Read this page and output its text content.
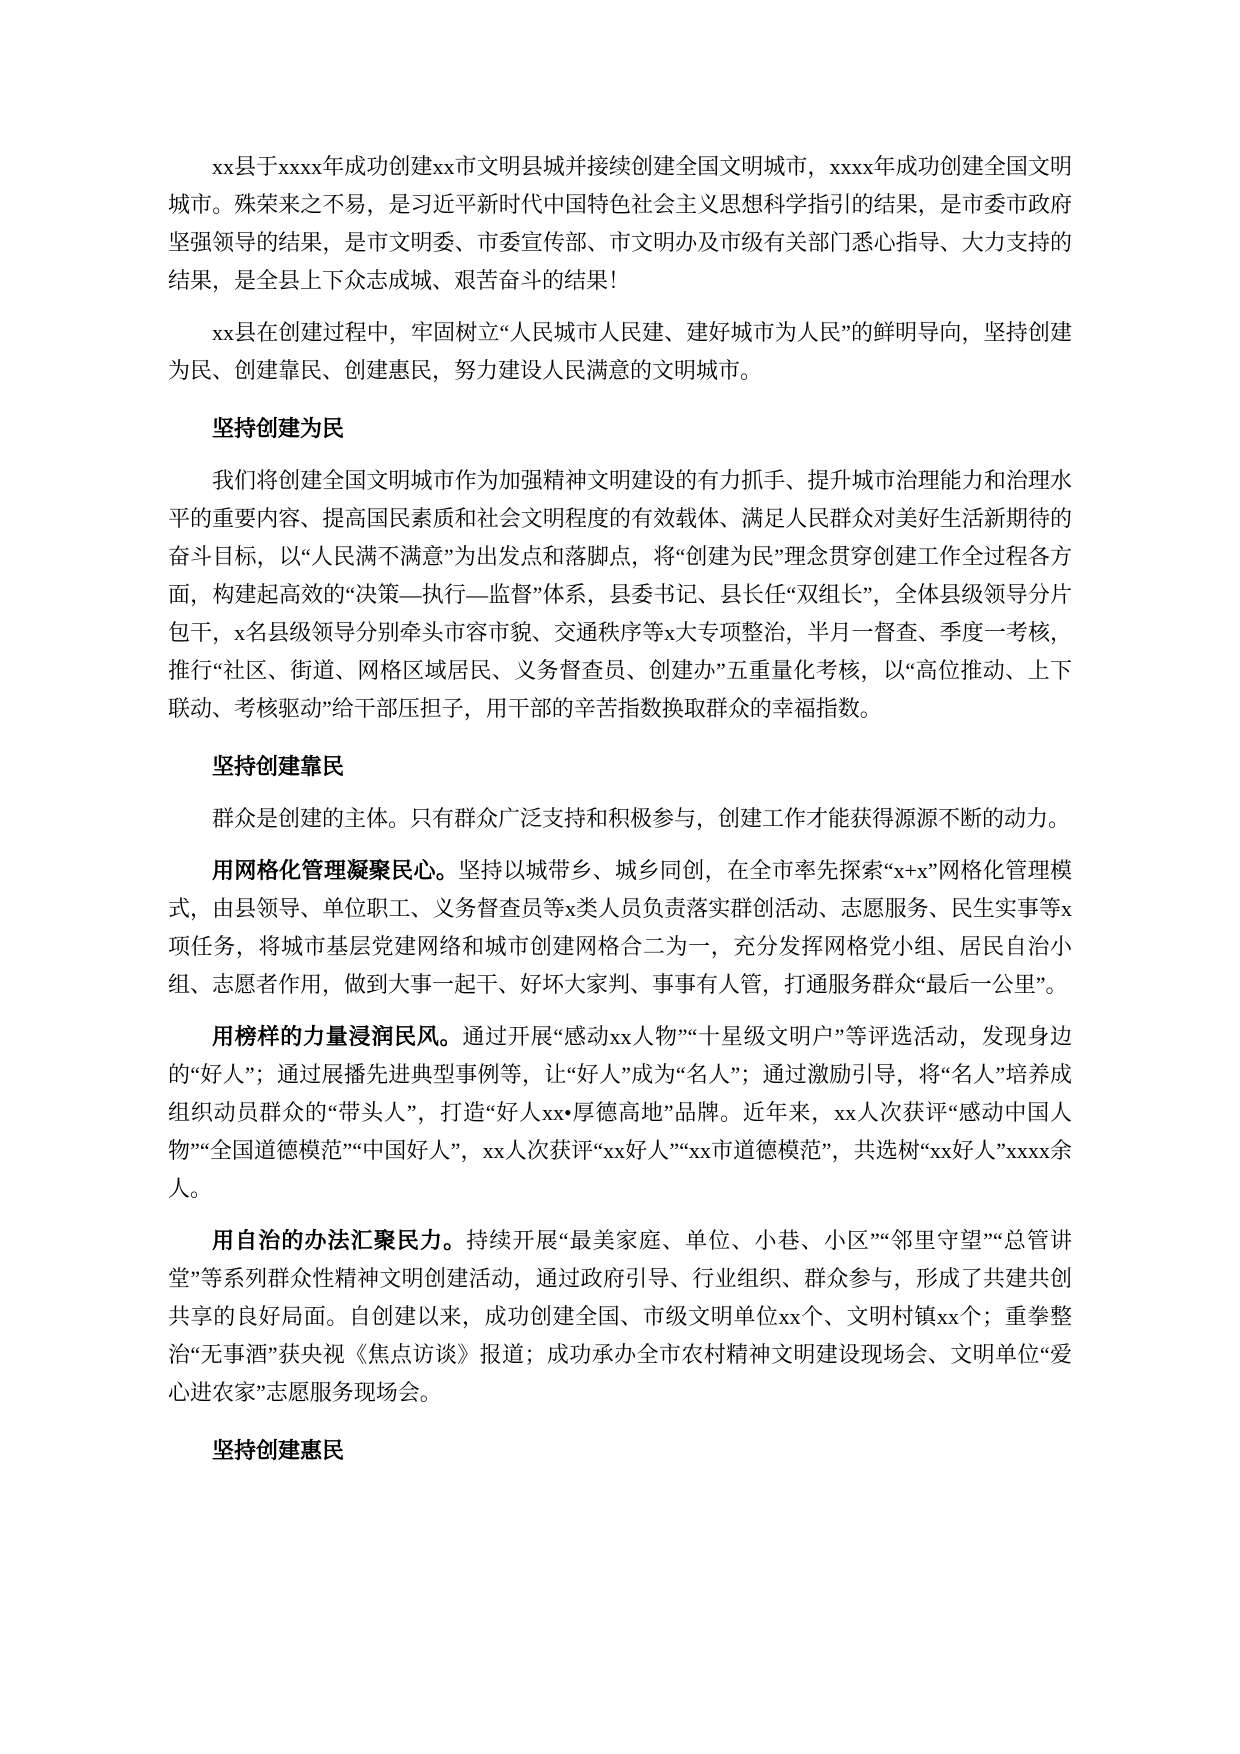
xx县于xxxx年成功创建xx市文明县城并接续创建全国文明城市，xxxx年成功创建全国文明城市。殊荣来之不易，是习近平新时代中国特色社会主义思想科学指引的结果，是市委市政府坚强领导的结果，是市文明委、市委宣传部、市文明办及市级有关部门悉心指导、大力支持的结果，是全县上下众志成城、艰苦奋斗的结果！

xx县在创建过程中，牢固树立“人民城市人民建、建好城市为人民”的鲜明导向，坚持创建为民、创建靠民、创建惠民，努力建设人民满意的文明城市。

坚持创建为民

我们将创建全国文明城市作为加强精神文明建设的有力抓手、提升城市治理能力和治理水平的重要内容、提高国民素质和社会文明程度的有效载体、满足人民群众对美好生活新期待的奋斗目标，以“人民满不满意”为出发点和落脚点，将“创建为民”理念贯穿创建工作全过程各方面，构建起高效的“决策—执行—监督”体系，县委书记、县长任“双组长”，全体县级领导分片包干，x名县级领导分别牵头市容市貌、交通秩序等x大专项整治，半月一督查、季度一考核，推行“社区、街道、网格区域居民、义务督查员、创建办”五重量化考核，以“高位推动、上下联动、考核驱动”给干部压担子，用干部的辛苦指数换取群众的幸福指数。

坚持创建靠民

群众是创建的主体。只有群众广泛支持和积极参与，创建工作才能获得源源不断的动力。

用网格化管理凝聚民心。坚持以城带乡、城乡同创，在全市率先探索“x+x”网格化管理模式，由县领导、单位职工、义务督查员等x类人员负责落实群创活动、志愿服务、民生实事等x项任务，将城市基层党建网络和城市创建网格合二为一，充分发挥网格党小组、居民自治小组、志愿者作用，做到大事一起干、好坏大家判、事事有人管，打通服务群众“最后一公里”。

用榜样的力量浸润民风。通过开展“感动xx人物”“十星级文明户”等评选活动，发现身边的“好人”；通过展播先进典型事例等，让“好人”成为“名人”；通过激励引导，将“名人”培养成组织动员群众的“带头人”，打造“好人xx•厚德高地”品牌。近年来，xx人次获评“感动中国人物”“全国道德模范”“中国好人”，xx人次获评“xx好人”“xx市道德模范”，共选树“xx好人”xxxx余人。

用自治的办法汇聚民力。持续开展“最美家庭、单位、小巷、小区”“邻里守望”“总管讲堂”等系列群众性精神文明创建活动，通过政府引导、行业组织、群众参与，形成了共建共创共享的良好局面。自创建以来，成功创建全国、市级文明单位xx个、文明村镇xx个；重拳整治“无事酒”获央视《焦点访谈》报道；成功承办全市农村精神文明建设现场会、文明单位“爱心进农家”志愿服务现场会。

坚持创建惠民
